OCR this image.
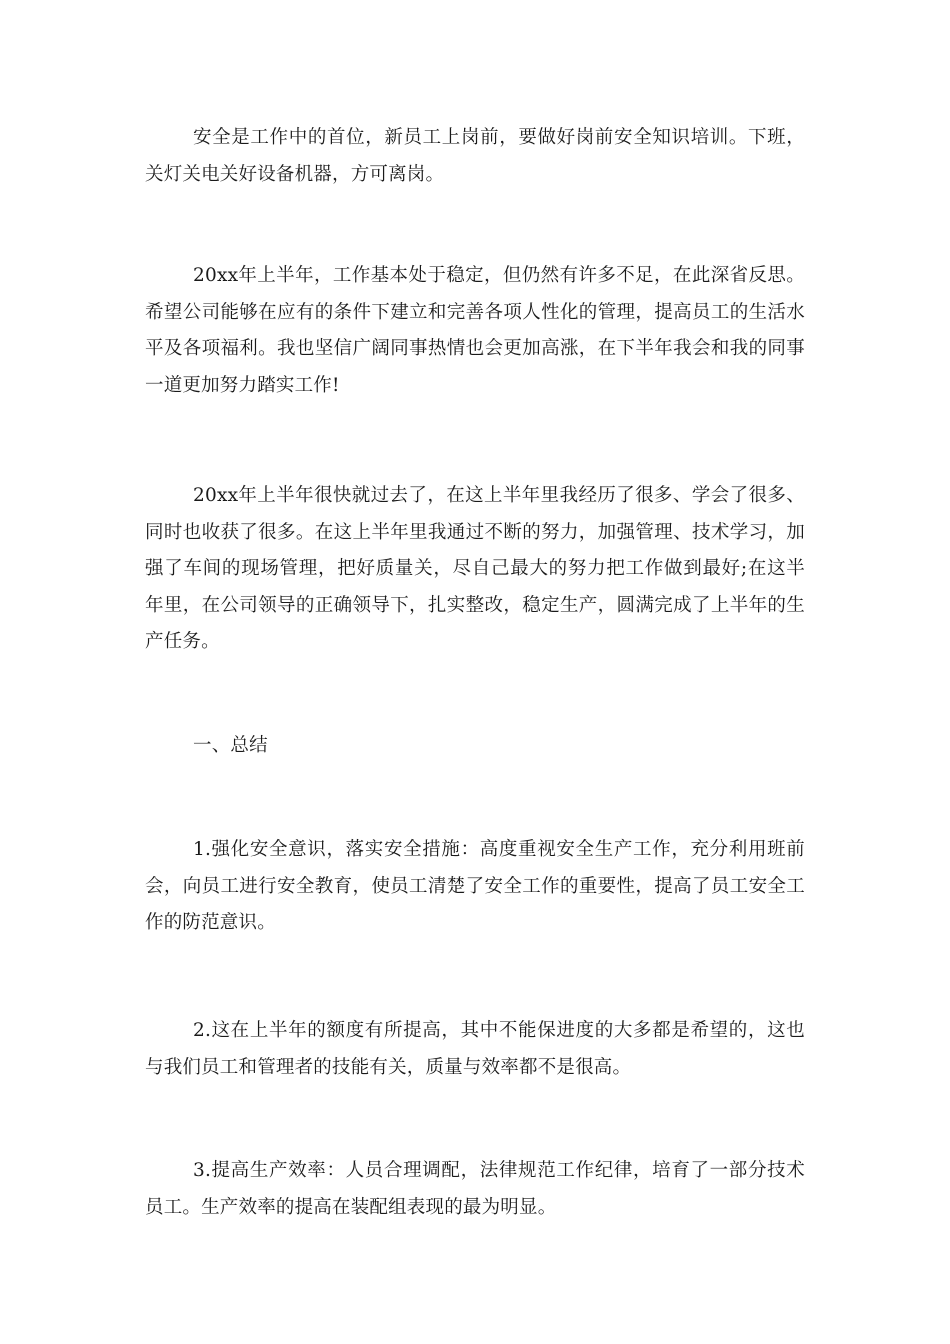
安全是工作中的首位，新员工上岗前，要做好岗前安全知识培训。下班，关灯关电关好设备机器，方可离岗。

20xx年上半年，工作基本处于稳定，但仍然有许多不足，在此深省反思。希望公司能够在应有的条件下建立和完善各项人性化的管理，提高员工的生活水平及各项福利。我也坚信广阔同事热情也会更加高涨，在下半年我会和我的同事一道更加努力踏实工作!

20xx年上半年很快就过去了，在这上半年里我经历了很多、学会了很多、同时也收获了很多。在这上半年里我通过不断的努力，加强管理、技术学习，加强了车间的现场管理，把好质量关，尽自己最大的努力把工作做到最好;在这半年里，在公司领导的正确领导下，扎实整改，稳定生产，圆满完成了上半年的生产任务。

一、总结

1.强化安全意识，落实安全措施：高度重视安全生产工作，充分利用班前会，向员工进行安全教育，使员工清楚了安全工作的重要性，提高了员工安全工作的防范意识。

2.这在上半年的额度有所提高，其中不能保进度的大多都是希望的，这也与我们员工和管理者的技能有关，质量与效率都不是很高。

3.提高生产效率：人员合理调配，法律规范工作纪律，培育了一部分技术员工。生产效率的提高在装配组表现的最为明显。
